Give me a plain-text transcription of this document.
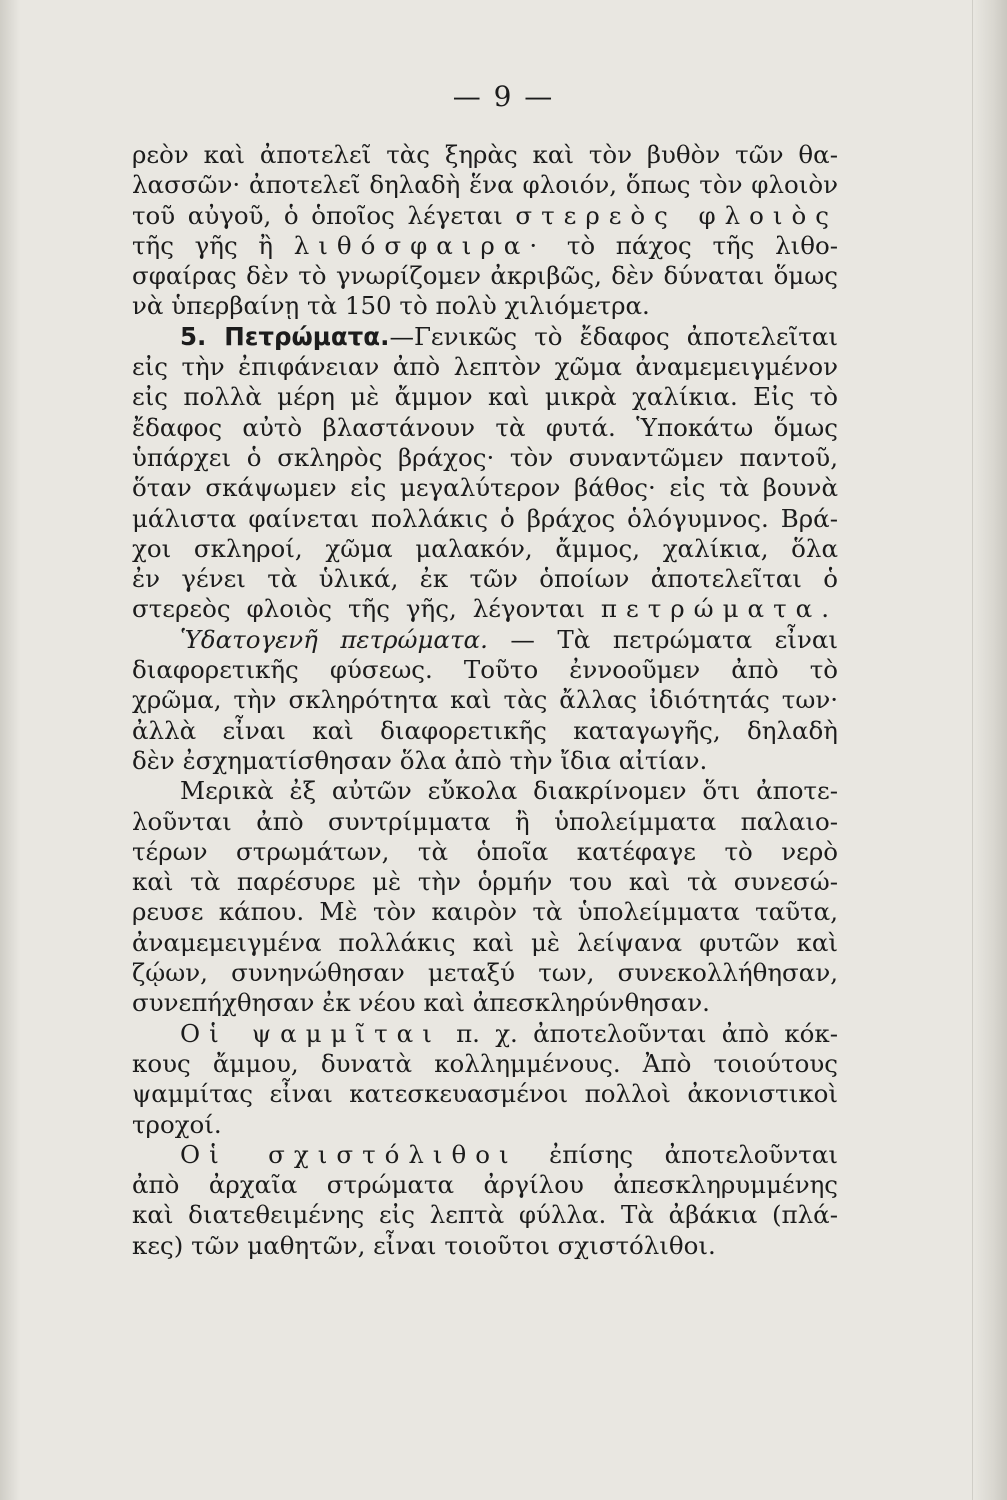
— 9 —
ρεὸν καὶ ἀποτελεῖ τὰς ξηρὰς καὶ τὸν βυθὸν τῶν θα-
λασσῶν· ἀποτελεῖ δηλαδὴ ἕνα φλοιόν, ὅπως τὸν φλοιὸν
τοῦ αὐγοῦ, ὁ ὁποῖος λέγεται στερεὸς φλοιὸς
τῆς γῆς ἢ λιθόσφαιρα· τὸ πάχος τῆς λιθο-
σφαίρας δὲν τὸ γνωρίζομεν ἀκριβῶς, δὲν δύναται ὅμως
νὰ ὑπερβαίνῃ τὰ 150 τὸ πολὺ χιλιόμετρα.
5. Πετρώματα.—Γενικῶς τὸ ἔδαφος ἀποτελεῖται
εἰς τὴν ἐπιφάνειαν ἀπὸ λεπτὸν χῶμα ἀναμεμειγμένον
εἰς πολλὰ μέρη μὲ ἄμμον καὶ μικρὰ χαλίκια. Εἰς τὸ
ἔδαφος αὐτὸ βλαστάνουν τὰ φυτά. Ὑποκάτω ὅμως
ὑπάρχει ὁ σκληρὸς βράχος· τὸν συναντῶμεν παντοῦ,
ὅταν σκάψωμεν εἰς μεγαλύτερον βάθος· εἰς τὰ βουνὰ
μάλιστα φαίνεται πολλάκις ὁ βράχος ὁλόγυμνος. Βρά-
χοι σκληροί, χῶμα μαλακόν, ἄμμος, χαλίκια, ὅλα
ἐν γένει τὰ ὑλικά, ἐκ τῶν ὁποίων ἀποτελεῖται ὁ
στερεὸς φλοιὸς τῆς γῆς, λέγονται πετρώματα.
Ὑδατογενῆ πετρώματα. — Τὰ πετρώματα εἶναι
διαφορετικῆς φύσεως. Τοῦτο ἐννοοῦμεν ἀπὸ τὸ
χρῶμα, τὴν σκληρότητα καὶ τὰς ἄλλας ἰδιότητάς των·
ἀλλὰ εἶναι καὶ διαφορετικῆς καταγωγῆς, δηλαδὴ
δὲν ἐσχηματίσθησαν ὅλα ἀπὸ τὴν ἴδια αἰτίαν.
Μερικὰ ἐξ αὐτῶν εὔκολα διακρίνομεν ὅτι ἀποτε-
λοῦνται ἀπὸ συντρίμματα ἢ ὑπολείμματα παλαιο-
τέρων στρωμάτων, τὰ ὁποῖα κατέφαγε τὸ νερὸ
καὶ τὰ παρέσυρε μὲ τὴν ὁρμήν του καὶ τὰ συνεσώ-
ρευσε κάπου. Μὲ τὸν καιρὸν τὰ ὑπολείμματα ταῦτα,
ἀναμεμειγμένα πολλάκις καὶ μὲ λείψανα φυτῶν καὶ
ζῴων, συνηνώθησαν μεταξύ των, συνεκολλήθησαν,
συνεπήχθησαν ἐκ νέου καὶ ἀπεσκληρύνθησαν.
Οἱ ψαμμῖται π. χ. ἀποτελοῦνται ἀπὸ κόκ-
κους ἄμμου, δυνατὰ κολλημμένους. Ἀπὸ τοιούτους
ψαμμίτας εἶναι κατεσκευασμένοι πολλοὶ ἀκονιστικοὶ
τροχοί.
Οἱ σχιστόλιθοι ἐπίσης ἀποτελοῦνται
ἀπὸ ἀρχαῖα στρώματα ἀργίλου ἀπεσκληρυμμένης
καὶ διατεθειμένης εἰς λεπτὰ φύλλα. Τὰ ἀβάκια (πλά-
κες) τῶν μαθητῶν, εἶναι τοιοῦτοι σχιστόλιθοι.
